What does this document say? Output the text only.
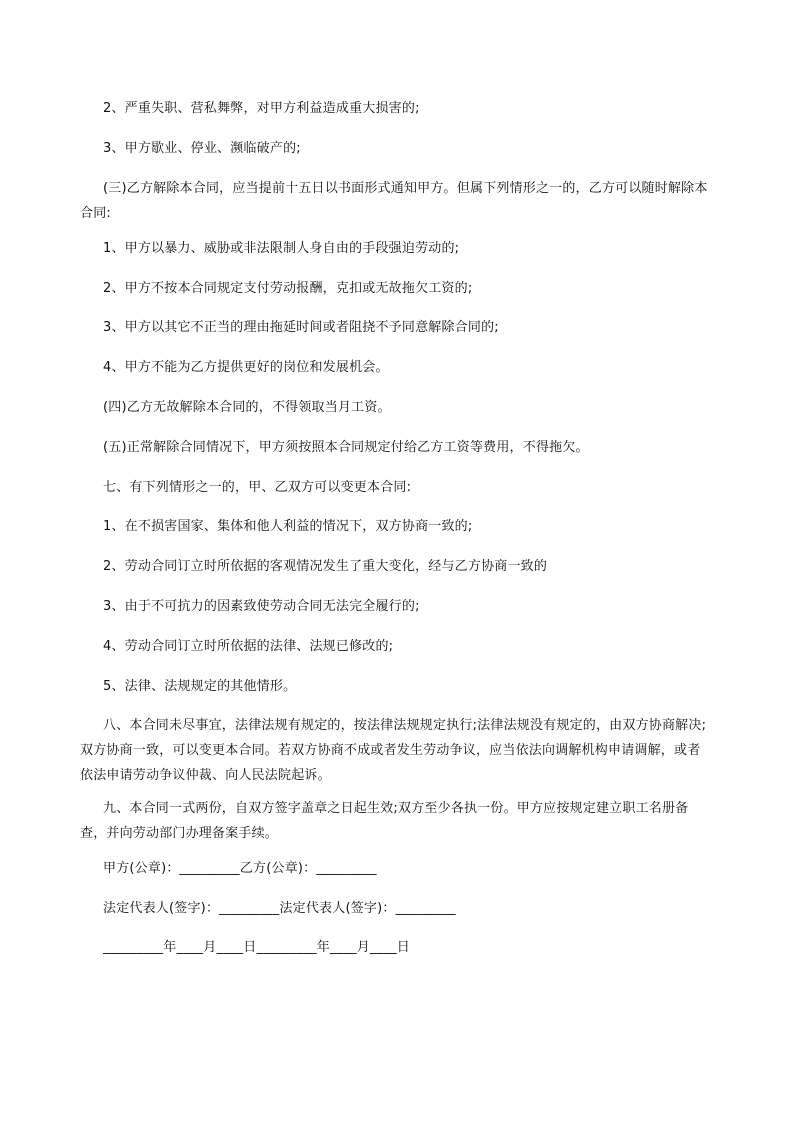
2、严重失职、营私舞弊，对甲方利益造成重大损害的;
3、甲方歇业、停业、濒临破产的;
(三)乙方解除本合同，应当提前十五日以书面形式通知甲方。但属下列情形之一的，乙方可以随时解除本合同:
1、甲方以暴力、威胁或非法限制人身自由的手段强迫劳动的;
2、甲方不按本合同规定支付劳动报酬，克扣或无故拖欠工资的;
3、甲方以其它不正当的理由拖延时间或者阻挠不予同意解除合同的;
4、甲方不能为乙方提供更好的岗位和发展机会。
(四)乙方无故解除本合同的，不得领取当月工资。
(五)正常解除合同情况下，甲方须按照本合同规定付给乙方工资等费用，不得拖欠。
七、有下列情形之一的，甲、乙双方可以变更本合同:
1、在不损害国家、集体和他人利益的情况下，双方协商一致的;
2、劳动合同订立时所依据的客观情况发生了重大变化，经与乙方协商一致的
3、由于不可抗力的因素致使劳动合同无法完全履行的;
4、劳动合同订立时所依据的法律、法规已修改的;
5、法律、法规规定的其他情形。
八、本合同未尽事宜，法律法规有规定的，按法律法规规定执行;法律法规没有规定的，由双方协商解决;双方协商一致，可以变更本合同。若双方协商不成或者发生劳动争议，应当依法向调解机构申请调解，或者依法申请劳动争议仲裁、向人民法院起诉。
九、本合同一式两份，自双方签字盖章之日起生效;双方至少各执一份。甲方应按规定建立职工名册备查，并向劳动部门办理备案手续。
甲方(公章)：_________乙方(公章)：_________
法定代表人(签字)：_________法定代表人(签字)：_________
_________年____月____日_________年____月____日
